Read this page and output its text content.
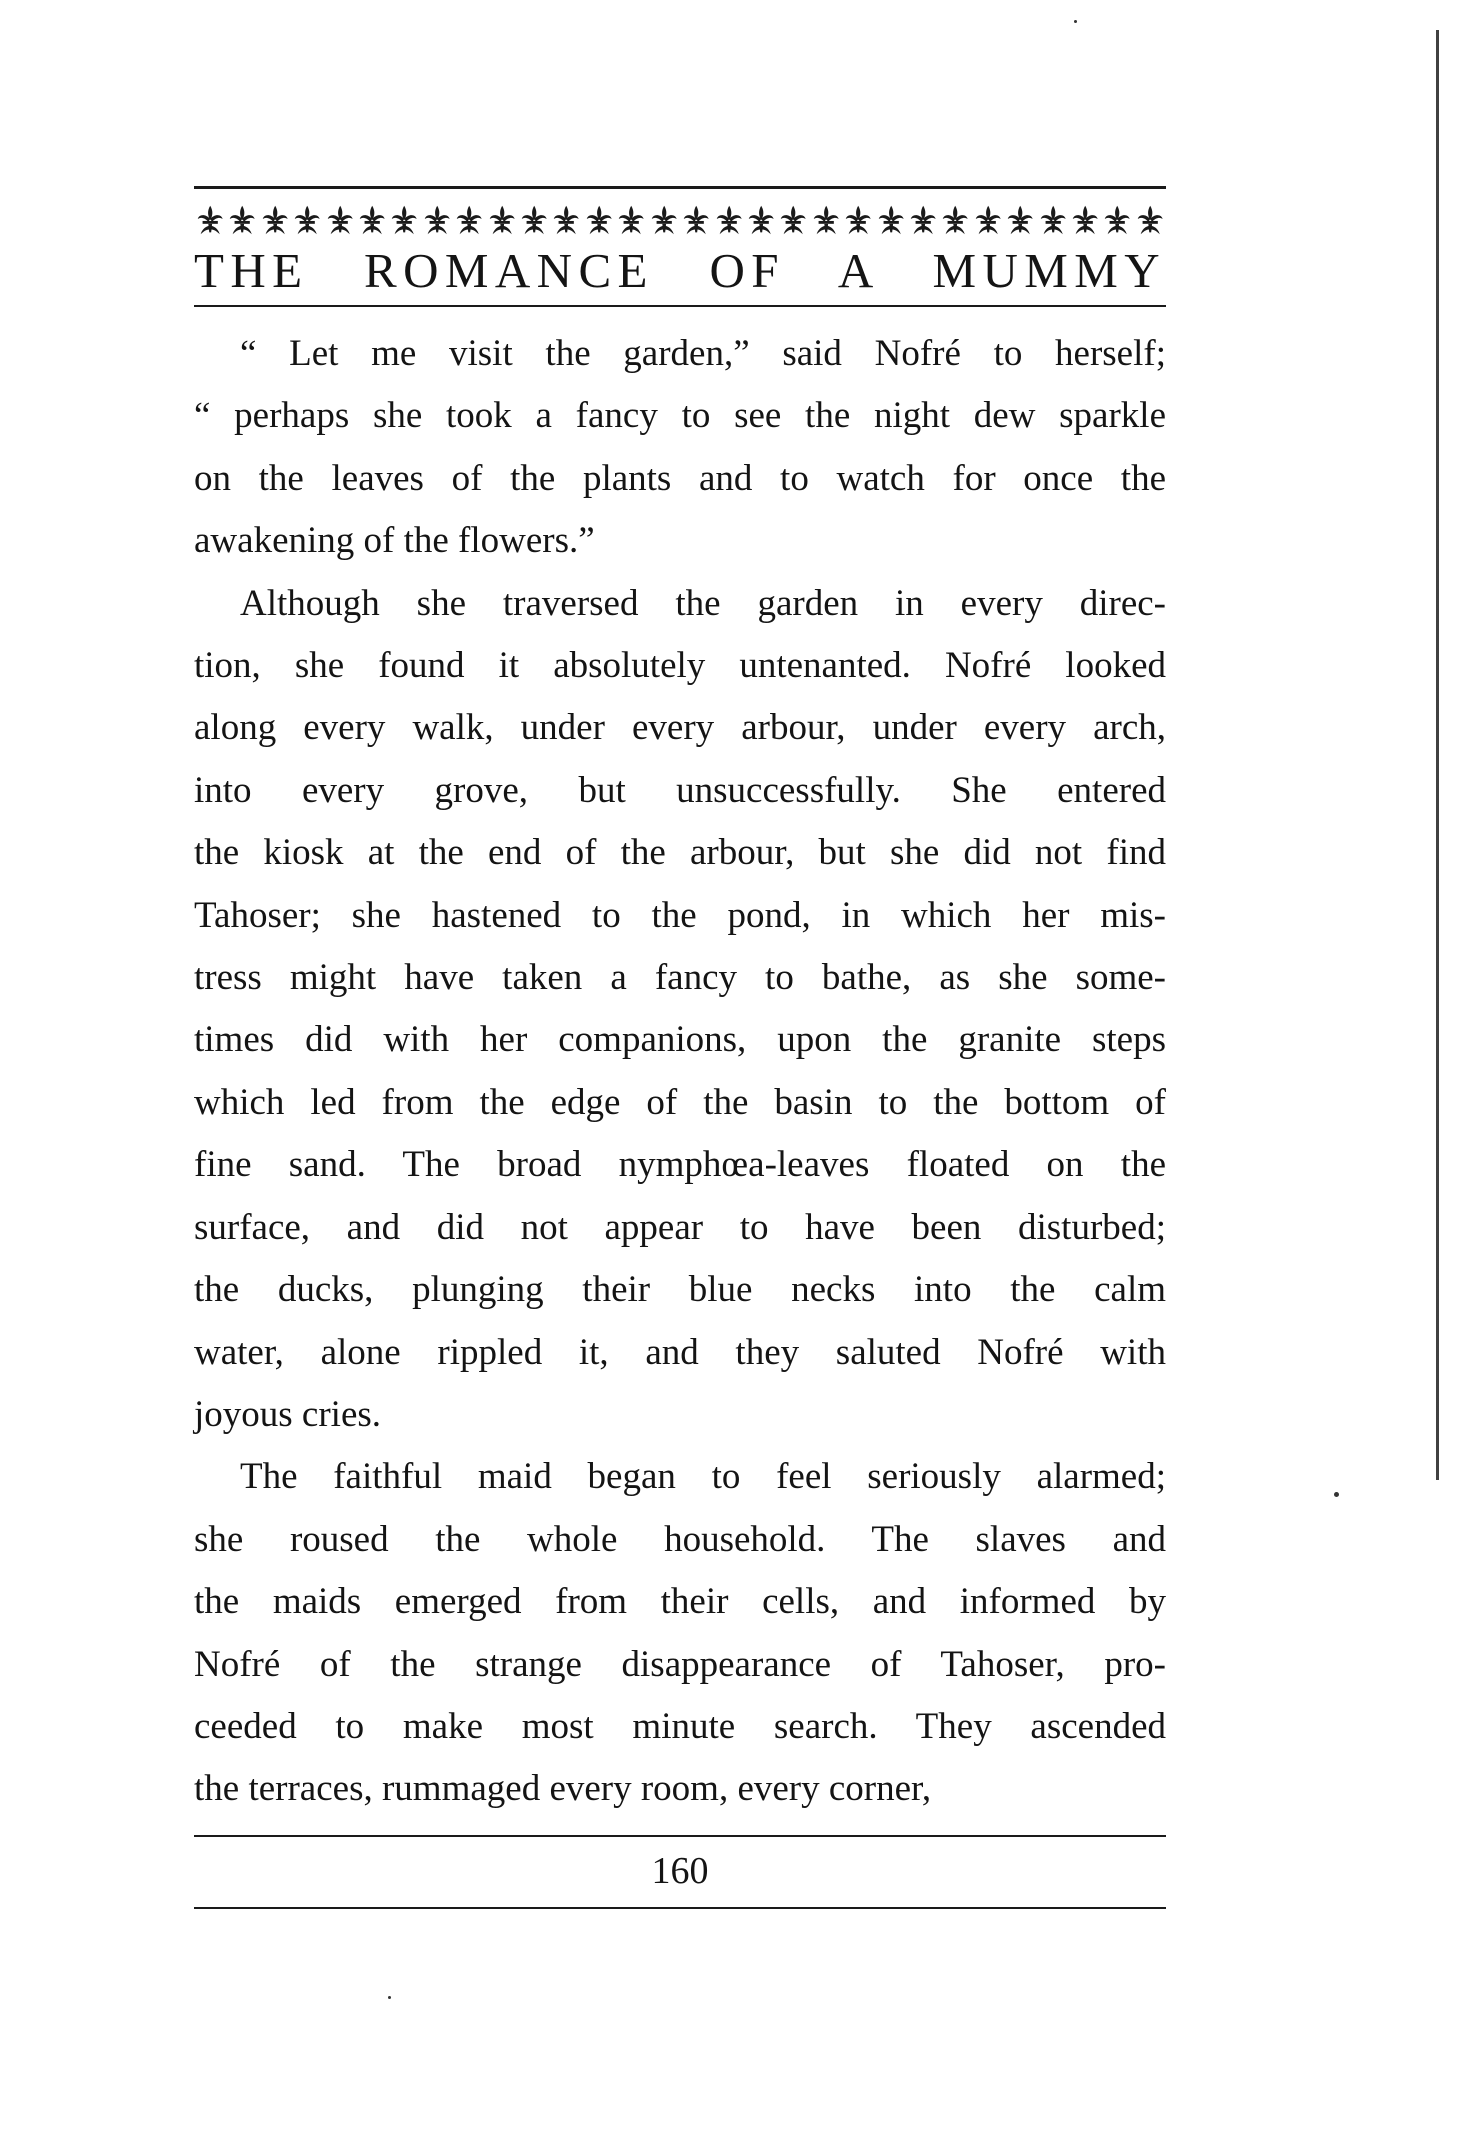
THE ROMANCE OF A MUMMY

“ Let me visit the garden,” said Nofré to herself;
“ perhaps she took a fancy to see the night dew sparkle
on the leaves of the plants and to watch for once the
awakening of the flowers.”

Although she traversed the garden in every direc-
tion, she found it absolutely untenanted. Nofré looked
along every walk, under every arbour, under every arch,
into every grove, but unsuccessfully. She entered
the kiosk at the end of the arbour, but she did not find
Tahoser; she hastened to the pond, in which her mis-
tress might have taken a fancy to bathe, as she some-
times did with her companions, upon the granite steps
which led from the edge of the basin to the bottom of
fine sand. The broad nymphœa-leaves floated on the
surface, and did not appear to have been disturbed;
the ducks, plunging their blue necks into the calm
water, alone rippled it, and they saluted Nofré with
joyous cries.

The faithful maid began to feel seriously alarmed;
she roused the whole household. The slaves and
the maids emerged from their cells, and informed by
Nofré of the strange disappearance of Tahoser, pro-
ceeded to make most minute search. They ascended
the terraces, rummaged every room, every corner,

160
